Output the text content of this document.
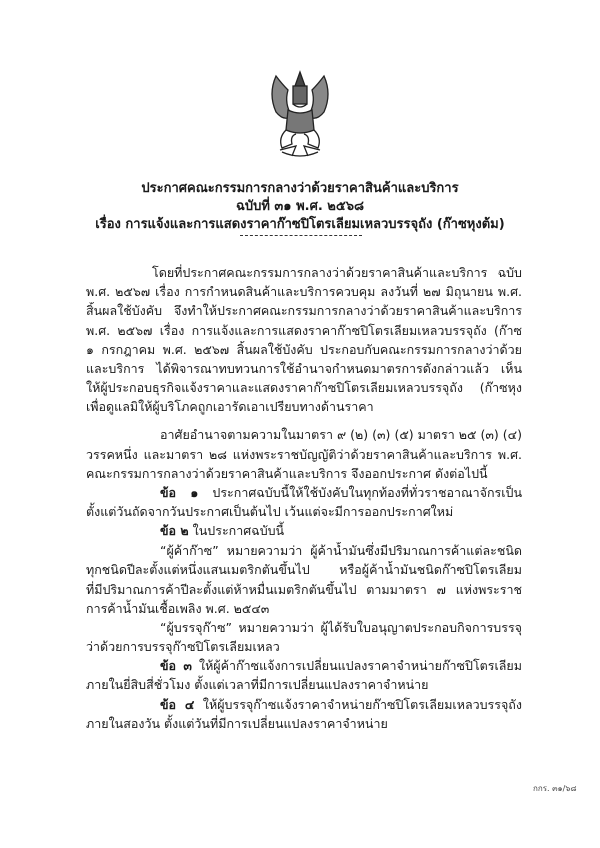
ประกาศคณะกรรมการกลางว่าด้วยราคาสินค้าและบริการ
ฉบับที่ ๓๑ พ.ศ. ๒๕๖๘
เรื่อง การแจ้งและการแสดงราคาก๊าซปิโตรเลียมเหลวบรรจุถัง (ก๊าซหุงต้ม)
โดยที่ประกาศคณะกรรมการกลางว่าด้วยราคาสินค้าและบริการ ฉบับ
พ.ศ. ๒๕๖๗ เรื่อง การกำหนดสินค้าและบริการควบคุม ลงวันที่ ๒๗ มิถุนายน พ.ศ.
สิ้นผลใช้บังคับ จึงทำให้ประกาศคณะกรรมการกลางว่าด้วยราคาสินค้าและบริการ
พ.ศ. ๒๕๖๗ เรื่อง การแจ้งและการแสดงราคาก๊าซปิโตรเลียมเหลวบรรจุถัง (ก๊าซ
๑ กรกฎาคม พ.ศ. ๒๕๖๗ สิ้นผลใช้บังคับ ประกอบกับคณะกรรมการกลางว่าด้วย
และบริการ ได้พิจารณาทบทวนการใช้อำนาจกำหนดมาตรการดังกล่าวแล้ว เห็น
ให้ผู้ประกอบธุรกิจแจ้งราคาและแสดงราคาก๊าซปิโตรเลียมเหลวบรรจุถัง (ก๊าซหุง
เพื่อดูแลมิให้ผู้บริโภคถูกเอารัดเอาเปรียบทางด้านราคา
อาศัยอำนาจตามความในมาตรา ๙ (๒) (๓) (๕) มาตรา ๒๕ (๓) (๔)
วรรคหนึ่ง และมาตรา ๒๘ แห่งพระราชบัญญัติว่าด้วยราคาสินค้าและบริการ พ.ศ.
คณะกรรมการกลางว่าด้วยราคาสินค้าและบริการ จึงออกประกาศ ดังต่อไปนี้
ข้อ ๑ ประกาศฉบับนี้ให้ใช้บังคับในทุกท้องที่ทั่วราชอาณาจักรเป็น
ตั้งแต่วันถัดจากวันประกาศเป็นต้นไป เว้นแต่จะมีการออกประกาศใหม่
ข้อ ๒ ในประกาศฉบับนี้
“ผู้ค้าก๊าซ” หมายความว่า ผู้ค้าน้ำมันซึ่งมีปริมาณการค้าแต่ละชนิด
ทุกชนิดปีละตั้งแต่หนึ่งแสนเมตริกตันขึ้นไป หรือผู้ค้าน้ำมันชนิดก๊าซปิโตรเลียม
ที่มีปริมาณการค้าปีละตั้งแต่ห้าหมื่นเมตริกตันขึ้นไป ตามมาตรา ๗ แห่งพระราช
การค้าน้ำมันเชื้อเพลิง พ.ศ. ๒๕๔๓
“ผู้บรรจุก๊าซ” หมายความว่า ผู้ได้รับใบอนุญาตประกอบกิจการบรรจุ
ว่าด้วยการบรรจุก๊าซปิโตรเลียมเหลว
ข้อ ๓ ให้ผู้ค้าก๊าซแจ้งการเปลี่ยนแปลงราคาจำหน่ายก๊าซปิโตรเลียม
ภายในยี่สิบสี่ชั่วโมง ตั้งแต่เวลาที่มีการเปลี่ยนแปลงราคาจำหน่าย
ข้อ ๔ ให้ผู้บรรจุก๊าซแจ้งราคาจำหน่ายก๊าซปิโตรเลียมเหลวบรรจุถัง
ภายในสองวัน ตั้งแต่วันที่มีการเปลี่ยนแปลงราคาจำหน่าย
กกร. ๓๑/๖๘
